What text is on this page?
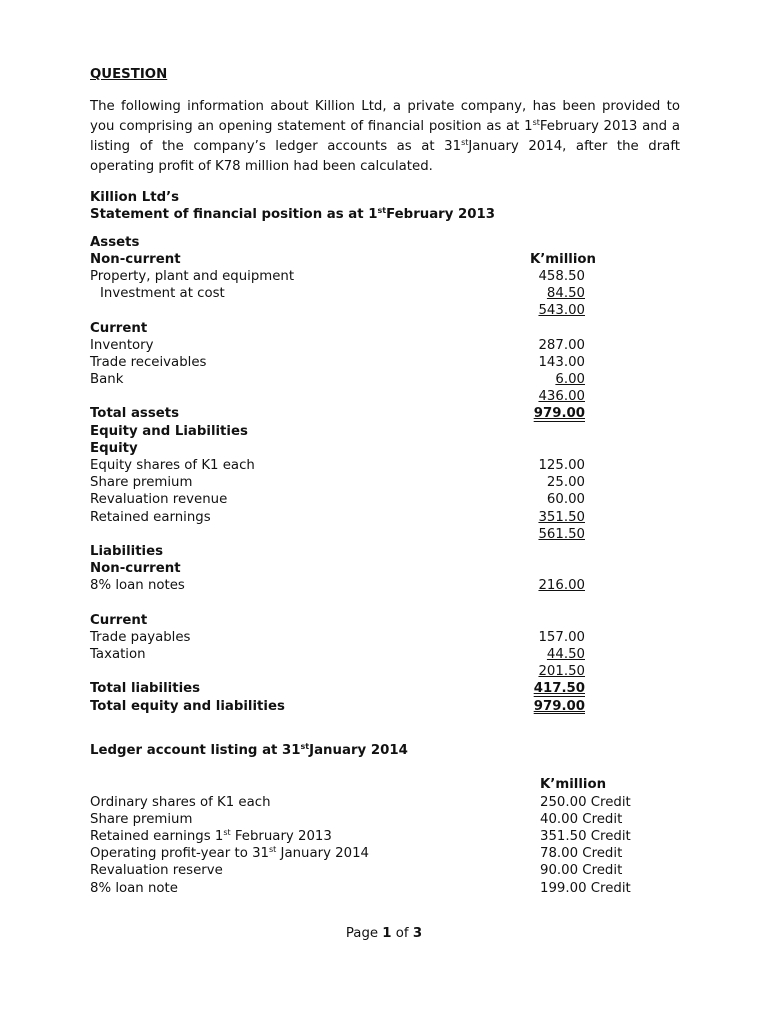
QUESTION

The following information about Killion Ltd, a private company, has been provided to you comprising an opening statement of financial position as at 1stFebruary 2013 and a listing of the company’s ledger accounts as at 31stJanuary 2014, after the draft operating profit of K78 million had been calculated.

Killion Ltd’s
Statement of financial position as at 1stFebruary 2013
Assets
Non-current	K’million
Property, plant and equipment	458.50
Investment at cost	84.50
543.00
Current
Inventory	287.00
Trade receivables	143.00
Bank	6.00
436.00
Total assets	979.00
Equity and Liabilities
Equity
Equity shares of K1 each	125.00
Share premium	25.00
Revaluation revenue	60.00
Retained earnings	351.50
561.50
Liabilities
Non-current
8% loan notes	216.00
Current
Trade payables	157.00
Taxation	44.50
201.50
Total liabilities	417.50
Total equity and liabilities	979.00
Ledger account listing at 31stJanuary 2014
K’million
Ordinary shares of K1 each	250.00 Credit
Share premium	40.00 Credit
Retained earnings 1st February 2013	351.50 Credit
Operating profit-year to 31st January 2014	78.00 Credit
Revaluation reserve	90.00 Credit
8% loan note	199.00 Credit
Page 1 of 3
